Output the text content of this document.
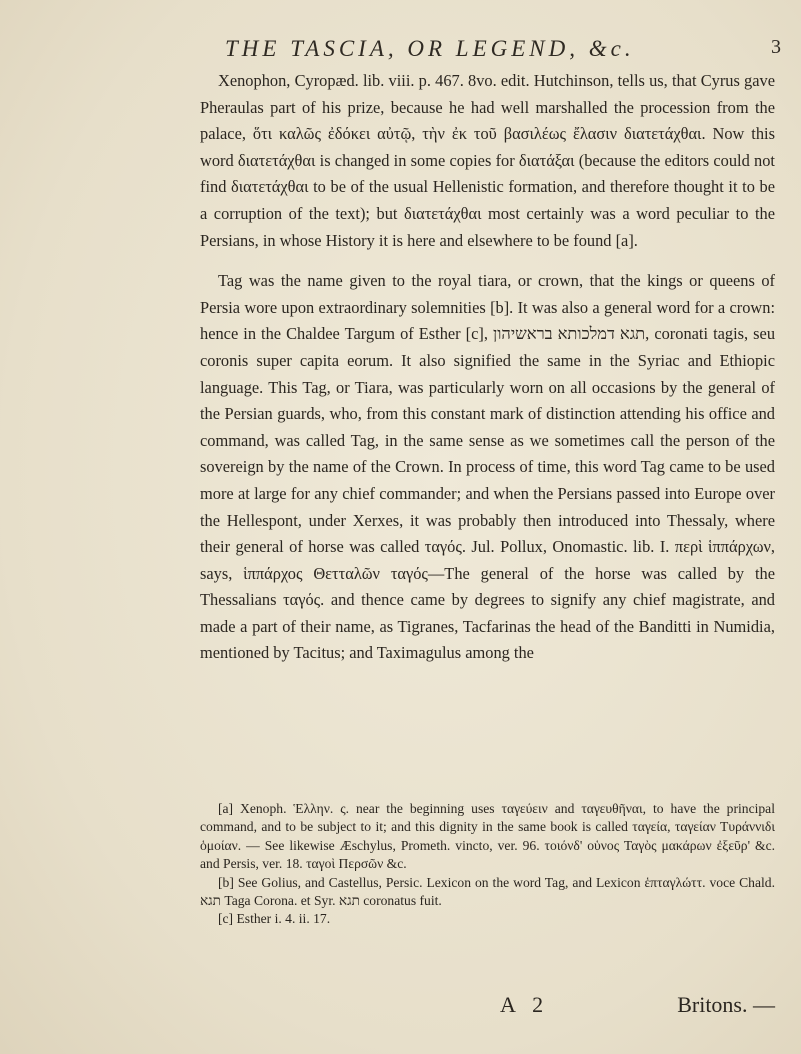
THE TASCIA, OR LEGEND, &c.	3

Xenophon, Cyropæd. lib. viii. p. 467. 8vo. edit. Hutchinson, tells us, that Cyrus gave Pheraulas part of his prize, because he had well marshalled the procession from the palace, ὅτι καλῶς ἐδόκει αὐτῷ, τὴν ἐκ τοῦ βασιλέως ἔλασιν διατετάχθαι. Now this word διατετάχθαι is changed in some copies for διατάξαι (because the editors could not find διατετάχθαι to be of the usual Hellenistic formation, and therefore thought it to be a corruption of the text); but διατετάχθαι most certainly was a word peculiar to the Persians, in whose History it is here and elsewhere to be found [a].

Tag was the name given to the royal tiara, or crown, that the kings or queens of Persia wore upon extraordinary solemnities [b]. It was also a general word for a crown: hence in the Chaldee Targum of Esther [c], תגא דמלכותא בראשיהון, coronati tagis, seu coronis super capita eorum. It also signified the same in the Syriac and Ethiopic language. This Tag, or Tiara, was particularly worn on all occasions by the general of the Persian guards, who, from this constant mark of distinction attending his office and command, was called Tag, in the same sense as we sometimes call the person of the sovereign by the name of the Crown. In process of time, this word Tag came to be used more at large for any chief commander; and when the Persians passed into Europe over the Hellespont, under Xerxes, it was probably then introduced into Thessaly, where their general of horse was called ταγός. Jul. Pollux, Onomastic. lib. I. περὶ ἱππάρχων, says, ἱππάρχος Θετταλῶν ταγός—The general of the horse was called by the Thessalians ταγός. and thence came by degrees to signify any chief magistrate, and made a part of their name, as Tigranes, Tacfarinas the head of the Banditti in Numidia, mentioned by Tacitus; and Taximagulus among the

[a] Xenoph. Ἑλλην. ς. near the beginning uses ταγεύειν and ταγευθῆναι, to have the principal command, and to be subject to it; and this dignity in the same book is called ταγεία, ταγείαν Τυράννιδι ὁμοίαν. — See likewise Æschylus, Prometh. vincto, ver. 96. τοιόνδ' οὑνος Ταγὸς μακάρων ἐξεῦρ' &c. and Persis, ver. 18. ταγοὶ Περσῶν &c.

[b] See Golius, and Castellus, Persic. Lexicon on the word Tag, and Lexicon ἑπταγλώττ. voce Chald. תגא Taga Corona. et Syr. תגא coronatus fuit.

[c] Esther i. 4. ii. 17.

A 2	Britons. —
